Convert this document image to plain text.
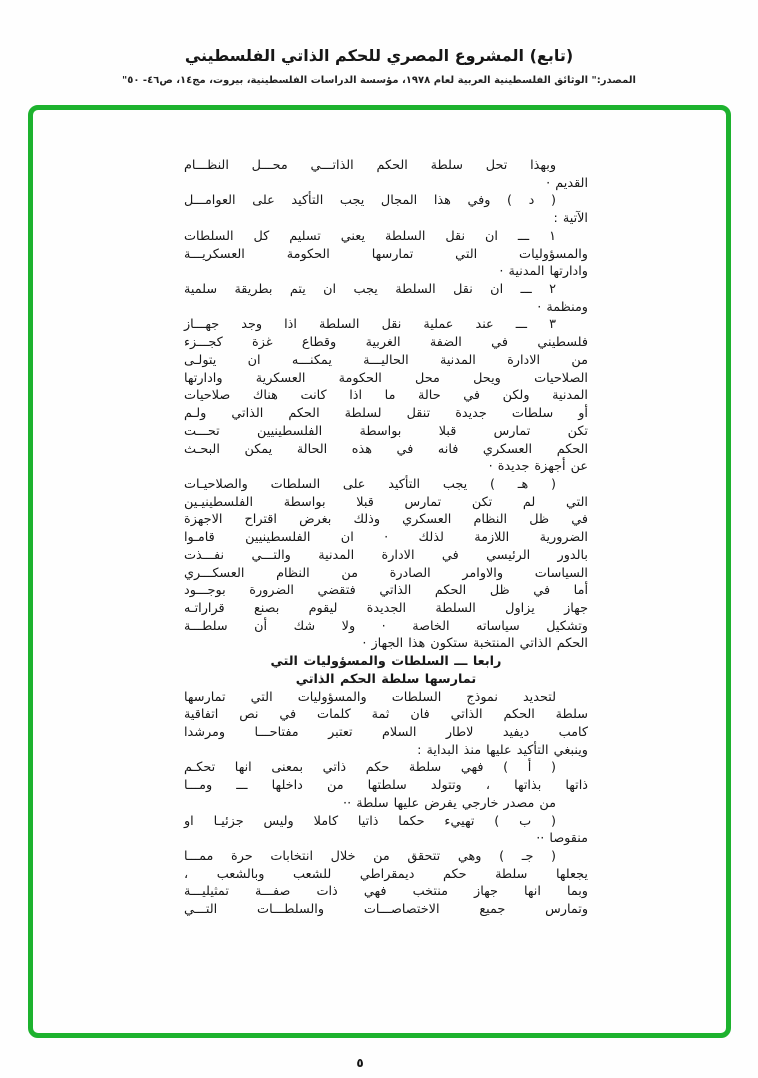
(تابع) المشروع المصري للحكم الذاتي الفلسطيني
المصدر:" الوثائق الفلسطينية العربية لعام ١٩٧٨، مؤسسة الدراسات الفلسطينية، بيروت، مج١٤، ص٤٦- ٥٠"
وبهذا تحل سلطة الحكم الذاتـــي محـــل النظـــام
القديم ·
( د ) وفي هذا المجال يجب التأكيد على العوامـــل
الآتية :
١ ـــ ان نقل السلطة يعني تسليم كل السلطات
والمسؤوليات التي تمارسها الحكومة العسكريـــة
وادارتها المدنية ·
٢ ـــ ان نقل السلطة يجب ان يتم بطريقة سلمية
ومنظمة ·
٣ ـــ عند عملية نقل السلطة اذا وجد جهـــاز
فلسطيني في الضفة الغربية وقطاع غزة كجـــزء
من الادارة المدنية الحاليـــة يمكنـــه ان يتولـى
الصلاحيات ويحل محل الحكومة العسكرية وادارتها
المدنية ولكن في حالة ما اذا كانت هناك صلاحيات
أو سلطات جديدة تنقل لسلطة الحكم الذاتي ولـم
تكن تمارس قبلا بواسطة الفلسطينيين تحـــت
الحكم العسكري فانه في هذه الحالة يمكن البحـث
عن أجهزة جديدة ·
( هـ ) يجب التأكيد على السلطات والصلاحيـات
التي لم تكن تمارس قبلا بواسطة الفلسطينيـين
في ظل النظام العسكري وذلك بغرض اقتراح الاجهزة
الضرورية اللازمة لذلك · ان الفلسطينيين قامـوا
بالدور الرئيسي في الادارة المدنية والتـــي نفـــذت
السياسات والاوامر الصادرة من النظام العسكـــري
أما في ظل الحكم الذاتي فتقضي الضرورة بوجـــود
جهاز يزاول السلطة الجديدة ليقوم بصنع قراراتـه
وتشكيل سياساته الخاصة · ولا شك أن سلطـــة
الحكم الذاتي المنتخبة ستكون هذا الجهاز ·
رابعا ـــ السلطات والمسؤوليات التي
تمارسها سلطة الحكم الذاتي
لتحديد نموذج السلطات والمسؤوليات التي تمارسها
سلطة الحكم الذاتي فان ثمة كلمات في نص اتفاقية
كامب ديفيد لاطار السلام تعتبر مفتاحـــا ومرشدا
وينبغي التأكيد عليها منذ البداية :
( أ ) فهي سلطة حكم ذاتي بمعنى انها تحكـم
ذاتها بذاتها ، وتتولد سلطتها من داخلها ـــ ومـــا
من مصدر خارجي يفرض عليها سلطة ··
( ب ) تهييء حكما ذاتيا كاملا وليس جزئيـا او
منقوصا ··
( جـ ) وهي تتحقق من خلال انتخابات حرة ممـــا
يجعلها سلطة حكم ديمقراطي للشعب وبالشعب ،
وبما انها جهاز منتخب فهي ذات صفـــة تمثيليـــة
وتمارس جميع الاختصاصـــات والسلطـــات التـــي
٥
